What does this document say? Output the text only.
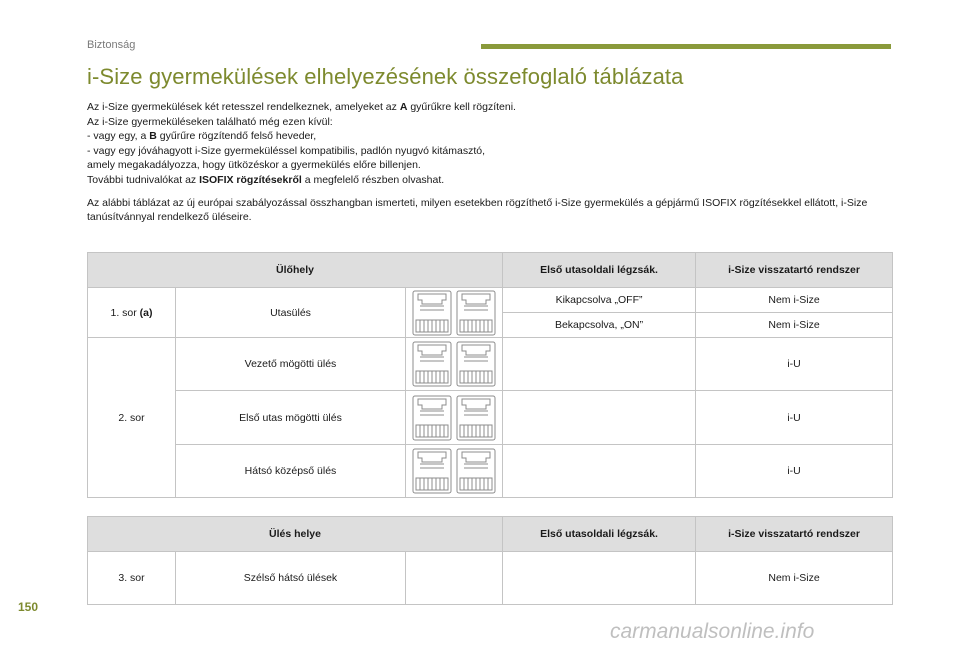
Biztonság
i-Size gyermekülések elhelyezésének összefoglaló táblázata

Az i-Size gyermekülések két retesszel rendelkeznek, amelyeket az A gyűrűkre kell rögzíteni.

Az i-Size gyermeküléseken található még ezen kívül:

- vagy egy, a B gyűrűre rögzítendő felső heveder,

- vagy egy jóváhagyott i-Size gyermeküléssel kompatibilis, padlón nyugvó kitámasztó,

amely megakadályozza, hogy ütközéskor a gyermekülés előre billenjen.

További tudnivalókat az ISOFIX rögzítésekről a megfelelő részben olvashat.

Az alábbi táblázat az új európai szabályozással összhangban ismerteti, milyen esetekben rögzíthető i-Size gyermekülés a gépjármű ISOFIX rögzítésekkel ellátott, i-Size tanúsítvánnyal rendelkező üléseire.

Ülőhely			Első utasoldali légzsák.	i-Size visszatartó rendszer
1. sor (a)	Utasülés		Kikapcsolva „OFF”	Nem i-Size
			Bekapcsolva, „ON”	Nem i-Size
2. sor	Vezető mögötti ülés			i-U
	Első utas mögötti ülés			i-U
	Hátsó középső ülés			i-U
Ülés helye			Első utasoldali légzsák.	i-Size visszatartó rendszer
3. sor	Szélső hátsó ülések			Nem i-Size
150
carmanualsonline.info
